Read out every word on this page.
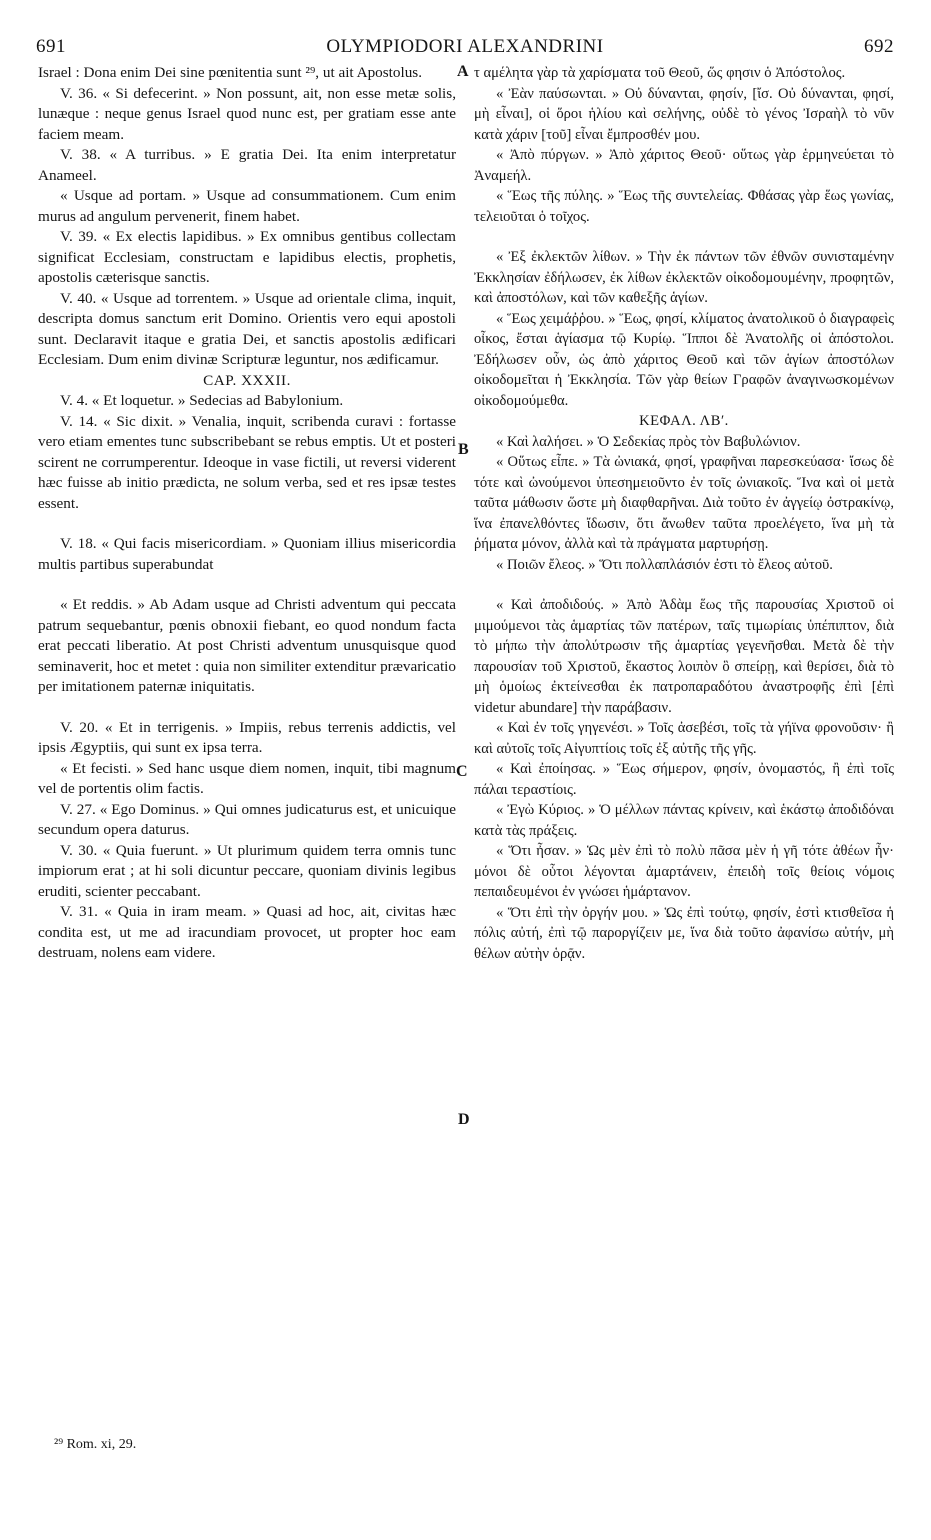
691	OLYMPIODORI ALEXANDRINI	692

Israel : Dona enim Dei sine pœnitentia sunt ²⁹, ut ait Apostolus.

V. 36. « Si defecerint. » Non possunt, ait, non esse metæ solis, lunæque : neque genus Israel quod nunc est, per gratiam esse ante faciem meam.

V. 38. « A turribus. » E gratia Dei. Ita enim interpretatur Anameel.

« Usque ad portam. » Usque ad consummationem. Cum enim murus ad angulum pervenerit, finem habet.

V. 39. « Ex electis lapidibus. » Ex omnibus gentibus collectam significat Ecclesiam, constructam e lapidibus electis, prophetis, apostolis cæterisque sanctis.

V. 40. « Usque ad torrentem. » Usque ad orientale clima, inquit, descripta domus sanctum erit Domino. Orientis vero equi apostoli sunt. Declaravit itaque e gratia Dei, et sanctis apostolis ædificari Ecclesiam. Dum enim divinæ Scripturæ leguntur, nos ædificamur.

CAP. XXXII.

V. 4. « Et loquetur. » Sedecias ad Babylonium.

V. 14. « Sic dixit. » Venalia, inquit, scribenda curavi : fortasse vero etiam ementes tunc subscribebant se rebus emptis. Ut et posteri scirent ne corrumperentur. Ideoque in vase fictili, ut reversi viderent hæc fuisse ab initio prædicta, ne solum verba, sed et res ipsæ testes essent.

V. 18. « Qui facis misericordiam. » Quoniam illius misericordia multis partibus superabundat

« Et reddis. » Ab Adam usque ad Christi adventum qui peccata patrum sequebantur, pœnis obnoxii fiebant, eo quod nondum facta erat peccati liberatio. At post Christi adventum unusquisque quod seminaverit, hoc et metet : quia non similiter extenditur prævaricatio per imitationem paternæ iniquitatis.

V. 20. « Et in terrigenis. » Impiis, rebus terrenis addictis, vel ipsis Ægyptiis, qui sunt ex ipsa terra.

« Et fecisti. » Sed hanc usque diem nomen, inquit, tibi magnum vel de portentis olim factis.

V. 27. « Ego Dominus. » Qui omnes judicaturus est, et unicuique secundum opera daturus.

V. 30. « Quia fuerunt. » Ut plurimum quidem terra omnis tunc impiorum erat ; at hi soli dicuntur peccare, quoniam divinis legibus eruditi, scienter peccabant.

V. 31. « Quia in iram meam. » Quasi ad hoc, ait, civitas hæc condita est, ut me ad iracundiam provocet, ut propter hoc eam destruam, nolens eam videre.

τ αμέλητα γὰρ τὰ χαρίσματα τοῦ Θεοῦ, ὥς φησιν ὁ Ἀπόστολος.

« Ἐὰν παύσωνται. » Οὐ δύνανται, φησίν, [ἴσ. Οὐ δύνανται, φησί, μὴ εἶναι], οἱ ὅροι ἡλίου καὶ σελήνης, οὐδὲ τὸ γένος Ἰσραὴλ τὸ νῦν κατὰ χάριν [τοῦ] εἶναι ἔμπροσθέν μου.

« Ἀπὸ πύργων. » Ἀπὸ χάριτος Θεοῦ· οὕτως γὰρ ἑρμηνεύεται τὸ Ἀναμεήλ.

« Ἕως τῆς πύλης. » Ἕως τῆς συντελείας. Φθάσας γὰρ ἕως γωνίας, τελειοῦται ὁ τοῖχος.

« Ἐξ ἐκλεκτῶν λίθων. » Τὴν ἐκ πάντων τῶν ἐθνῶν συνισταμένην Ἐκκλησίαν ἐδήλωσεν, ἐκ λίθων ἐκλεκτῶν οἰκοδομουμένην, προφητῶν, καὶ ἀποστόλων, καὶ τῶν καθεξῆς ἁγίων.

« Ἕως χειμάῤῥου. » Ἕως, φησί, κλίματος ἀνατολικοῦ ὁ διαγραφεὶς οἶκος, ἔσται ἁγίασμα τῷ Κυρίῳ. Ἵπποι δὲ Ἀνατολῆς οἱ ἀπόστολοι. Ἐδήλωσεν οὖν, ὡς ἀπὸ χάριτος Θεοῦ καὶ τῶν ἁγίων ἀποστόλων οἰκοδομεῖται ἡ Ἐκκλησία. Τῶν γὰρ θείων Γραφῶν ἀναγινωσκομένων οἰκοδομούμεθα.

ΚΕΦΑΛ. ΛΒʹ.

« Καὶ λαλήσει. » Ὁ Σεδεκίας πρὸς τὸν Βαβυλώνιον.

« Οὕτως εἶπε. » Τὰ ὠνιακά, φησί, γραφῆναι παρεσκεύασα· ἴσως δὲ τότε καὶ ὠνούμενοι ὑπεσημειοῦντο ἐν τοῖς ὠνιακοῖς. Ἵνα καὶ οἱ μετὰ ταῦτα μάθωσιν ὥστε μὴ διαφθαρῆναι. Διὰ τοῦτο ἐν ἀγγείῳ ὀστρακίνῳ, ἵνα ἐπανελθόντες ἴδωσιν, ὅτι ἄνωθεν ταῦτα προελέγετο, ἵνα μὴ τὰ ῥήματα μόνον, ἀλλὰ καὶ τὰ πράγματα μαρτυρήσῃ.

« Ποιῶν ἔλεος. » Ὅτι πολλαπλάσιόν ἐστι τὸ ἔλεος αὐτοῦ.

« Καὶ ἀποδιδούς. » Ἀπὸ Ἀδὰμ ἕως τῆς παρουσίας Χριστοῦ οἱ μιμούμενοι τὰς ἁμαρτίας τῶν πατέρων, ταῖς τιμωρίαις ὑπέπιπτον, διὰ τὸ μήπω τὴν ἀπολύτρωσιν τῆς ἁμαρτίας γεγενῆσθαι. Μετὰ δὲ τὴν παρουσίαν τοῦ Χριστοῦ, ἕκαστος λοιπὸν ὃ σπείρῃ, καὶ θερίσει, διὰ τὸ μὴ ὁμοίως ἐκτείνεσθαι ἐκ πατροπαραδότου ἀναστροφῆς ἐπὶ [ἐπὶ videtur abundare] τὴν παράβασιν.

« Καὶ ἐν τοῖς γηγενέσι. » Τοῖς ἀσεβέσι, τοῖς τὰ γήϊνα φρονοῦσιν· ἢ καὶ αὐτοῖς τοῖς Αἰγυπτίοις τοῖς ἐξ αὐτῆς τῆς γῆς.

« Καὶ ἐποίησας. » Ἕως σήμερον, φησίν, ὀνομαστός, ἢ ἐπὶ τοῖς πάλαι τεραστίοις.

« Ἐγὼ Κύριος. » Ὁ μέλλων πάντας κρίνειν, καὶ ἑκάστῳ ἀποδιδόναι κατὰ τὰς πράξεις.

« Ὅτι ἦσαν. » Ὡς μὲν ἐπὶ τὸ πολὺ πᾶσα μὲν ἡ γῆ τότε ἀθέων ἦν· μόνοι δὲ οὗτοι λέγονται ἁμαρτάνειν, ἐπειδὴ τοῖς θείοις νόμοις πεπαιδευμένοι ἐν γνώσει ἡμάρτανον.

« Ὅτι ἐπὶ τὴν ὀργήν μου. » Ὡς ἐπὶ τούτῳ, φησίν, ἐστὶ κτισθεῖσα ἡ πόλις αὐτή, ἐπὶ τῷ παροργίζειν με, ἵνα διὰ τοῦτο ἀφανίσω αὐτήν, μὴ θέλων αὐτὴν ὁρᾷν.

A
B
C
D
²⁹ Rom. xi, 29.
